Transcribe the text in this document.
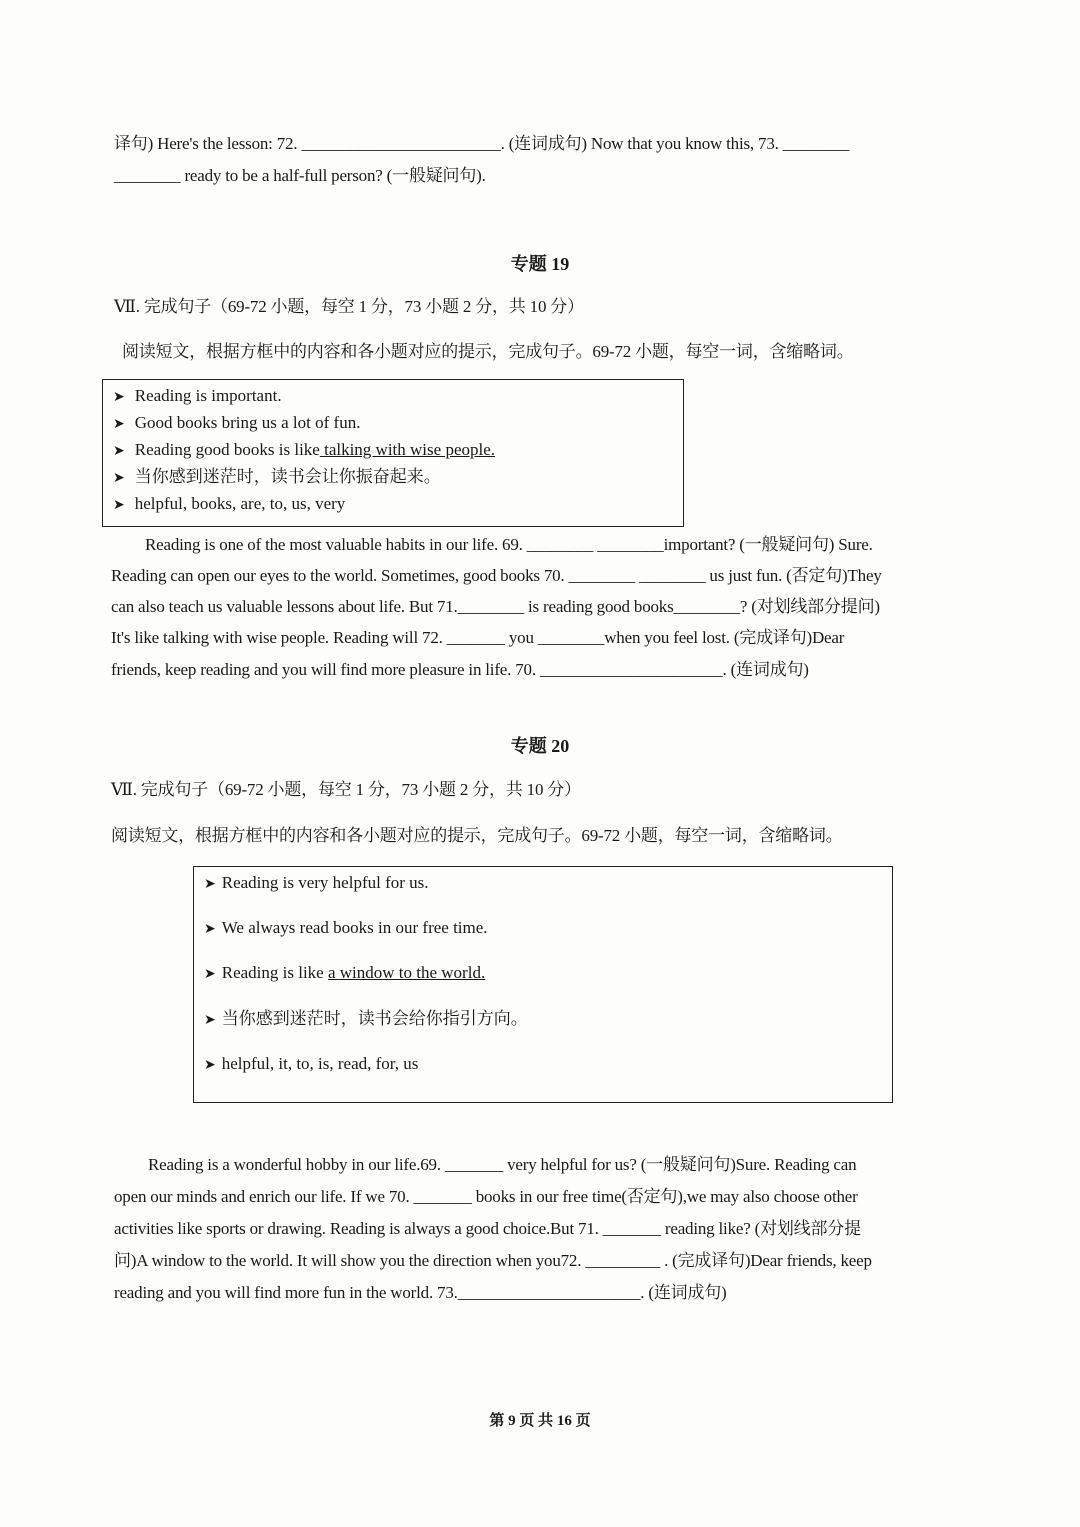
译句) Here's the lesson: 72. ________________________. (连词成句) Now that you know this, 73. ________
________ ready to be a half-full person? (一般疑问句).
专题 19
Ⅶ. 完成句子（69-72 小题，每空 1 分，73 小题 2 分，共 10 分）
阅读短文，根据方框中的内容和各小题对应的提示，完成句子。69-72 小题，每空一词，含缩略词。
➤ Reading is important.
➤ Good books bring us a lot of fun.
➤ Reading good books is like talking with wise people.
➤ 当你感到迷茫时，读书会让你振奋起来。
➤ helpful, books, are, to, us, very
Reading is one of the most valuable habits in our life. 69. ________ ________important? (一般疑问句) Sure.
Reading can open our eyes to the world. Sometimes, good books 70. ________ ________ us just fun. (否定句)They
can also teach us valuable lessons about life. But 71.________ is reading good books________? (对划线部分提问)
It's like talking with wise people. Reading will 72. _______ you ________when you feel lost. (完成译句)Dear
friends, keep reading and you will find more pleasure in life. 70. ______________________. (连词成句)
专题 20
Ⅶ. 完成句子（69-72 小题，每空 1 分，73 小题 2 分，共 10 分）
阅读短文，根据方框中的内容和各小题对应的提示，完成句子。69-72 小题，每空一词，含缩略词。
➤ Reading is very helpful for us.
➤ We always read books in our free time.
➤ Reading is like a window to the world.
➤ 当你感到迷茫时，读书会给你指引方向。
➤ helpful, it, to, is, read, for, us
Reading is a wonderful hobby in our life.69. _______ very helpful for us? (一般疑问句)Sure. Reading can
open our minds and enrich our life. If we 70. _______ books in our free time(否定句),we may also choose other
activities like sports or drawing. Reading is always a good choice.But 71. _______ reading like? (对划线部分提
问)A window to the world. It will show you the direction when you72. _________ . (完成译句)Dear friends, keep
reading and you will find more fun in the world. 73.______________________. (连词成句)
第 9 页 共 16 页
